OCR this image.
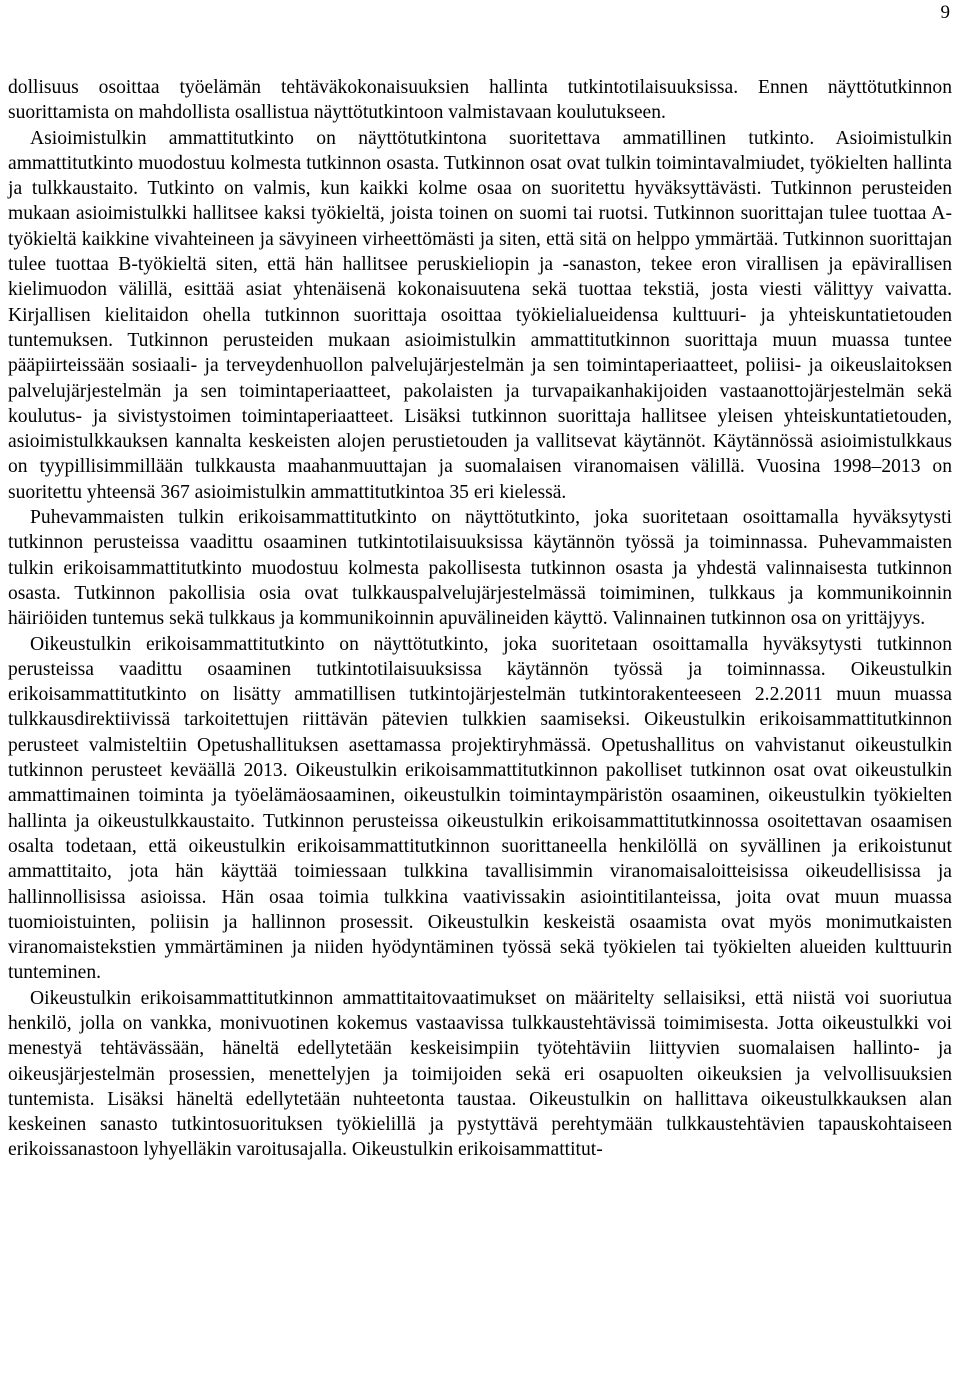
9

dollisuus osoittaa työelämän tehtäväkokonaisuuksien hallinta tutkintotilaisuuksissa. Ennen näyttötutkinnon suorittamista on mahdollista osallistua näyttötutkintoon valmistavaan koulutukseen.

Asioimistulkin ammattitutkinto on näyttötutkintona suoritettava ammatillinen tutkinto. Asioimistulkin ammattitutkinto muodostuu kolmesta tutkinnon osasta. Tutkinnon osat ovat tulkin toimintavalmiudet, työkielten hallinta ja tulkkaustaito. Tutkinto on valmis, kun kaikki kolme osaa on suoritettu hyväksyttävästi. Tutkinnon perusteiden mukaan asioimistulkki hallitsee kaksi työkieltä, joista toinen on suomi tai ruotsi. Tutkinnon suorittajan tulee tuottaa A-työkieltä kaikkine vivahteineen ja sävyineen virheettömästi ja siten, että sitä on helppo ymmärtää. Tutkinnon suorittajan tulee tuottaa B-työkieltä siten, että hän hallitsee peruskieliopin ja -sanaston, tekee eron virallisen ja epävirallisen kielimuodon välillä, esittää asiat yhtenäisenä kokonaisuutena sekä tuottaa tekstiä, josta viesti välittyy vaivatta. Kirjallisen kielitaidon ohella tutkinnon suorittaja osoittaa työkielialueidensa kulttuuri- ja yhteiskuntatietouden tuntemuksen. Tutkinnon perusteiden mukaan asioimistulkin ammattitutkinnon suorittaja muun muassa tuntee pääpiirteissään sosiaali- ja terveydenhuollon palvelujärjestelmän ja sen toimintaperiaatteet, poliisi- ja oikeuslaitoksen palvelujärjestelmän ja sen toimintaperiaatteet, pakolaisten ja turvapaikanhakijoiden vastaanottojärjestelmän sekä koulutus- ja sivistystoimen toimintaperiaatteet. Lisäksi tutkinnon suorittaja hallitsee yleisen yhteiskuntatietouden, asioimistulkkauksen kannalta keskeisten alojen perustietouden ja vallitsevat käytännöt. Käytännössä asioimistulkkaus on tyypillisimmillään tulkkausta maahanmuuttajan ja suomalaisen viranomaisen välillä. Vuosina 1998–2013 on suoritettu yhteensä 367 asioimistulkin ammattitutkintoa 35 eri kielessä.

Puhevammaisten tulkin erikoisammattitutkinto on näyttötutkinto, joka suoritetaan osoittamalla hyväksytysti tutkinnon perusteissa vaadittu osaaminen tutkintotilaisuuksissa käytännön työssä ja toiminnassa. Puhevammaisten tulkin erikoisammattitutkinto muodostuu kolmesta pakollisesta tutkinnon osasta ja yhdestä valinnaisesta tutkinnon osasta. Tutkinnon pakollisia osia ovat tulkkauspalvelujärjestelmässä toimiminen, tulkkaus ja kommunikoinnin häiriöiden tuntemus sekä tulkkaus ja kommunikoinnin apuvälineiden käyttö. Valinnainen tutkinnon osa on yrittäjyys.

Oikeustulkin erikoisammattitutkinto on näyttötutkinto, joka suoritetaan osoittamalla hyväksytysti tutkinnon perusteissa vaadittu osaaminen tutkintotilaisuuksissa käytännön työssä ja toiminnassa. Oikeustulkin erikoisammattitutkinto on lisätty ammatillisen tutkintojärjestelmän tutkintorakenteeseen 2.2.2011 muun muassa tulkkausdirektiivissä tarkoitettujen riittävän pätevien tulkkien saamiseksi. Oikeustulkin erikoisammattitutkinnon perusteet valmisteltiin Opetushallituksen asettamassa projektiryhmässä. Opetushallitus on vahvistanut oikeustulkin tutkinnon perusteet keväällä 2013. Oikeustulkin erikoisammattitutkinnon pakolliset tutkinnon osat ovat oikeustulkin ammattimainen toiminta ja työelämäosaaminen, oikeustulkin toimintaympäristön osaaminen, oikeustulkin työkielten hallinta ja oikeustulkkaustaito. Tutkinnon perusteissa oikeustulkin erikoisammattitutkinnossa osoitettavan osaamisen osalta todetaan, että oikeustulkin erikoisammattitutkinnon suorittaneella henkilöllä on syvällinen ja erikoistunut ammattitaito, jota hän käyttää toimiessaan tulkkina tavallisimmin viranomaisaloitteisissa oikeudellisissa ja hallinnollisissa asioissa. Hän osaa toimia tulkkina vaativissakin asiointitilanteissa, joita ovat muun muassa tuomioistuinten, poliisin ja hallinnon prosessit. Oikeustulkin keskeistä osaamista ovat myös monimutkaisten viranomaistekstien ymmärtäminen ja niiden hyödyntäminen työssä sekä työkielen tai työkielten alueiden kulttuurin tunteminen.

Oikeustulkin erikoisammattitutkinnon ammattitaitovaatimukset on määritelty sellaisiksi, että niistä voi suoriutua henkilö, jolla on vankka, monivuotinen kokemus vastaavissa tulkkaustehtävissä toimimisesta. Jotta oikeustulkki voi menestyä tehtävässään, häneltä edellytetään keskeisimpiin työtehtäviin liittyvien suomalaisen hallinto- ja oikeusjärjestelmän prosessien, menettelyjen ja toimijoiden sekä eri osapuolten oikeuksien ja velvollisuuksien tuntemista. Lisäksi häneltä edellytetään nuhteetonta taustaa. Oikeustulkin on hallittava oikeustulkkauksen alan keskeinen sanasto tutkintosuorituksen työkielillä ja pystyttävä perehtymään tulkkaustehtävien tapauskohtaiseen erikoissanastoon lyhyelläkin varoitusajalla. Oikeustulkin erikoisammattitut-
